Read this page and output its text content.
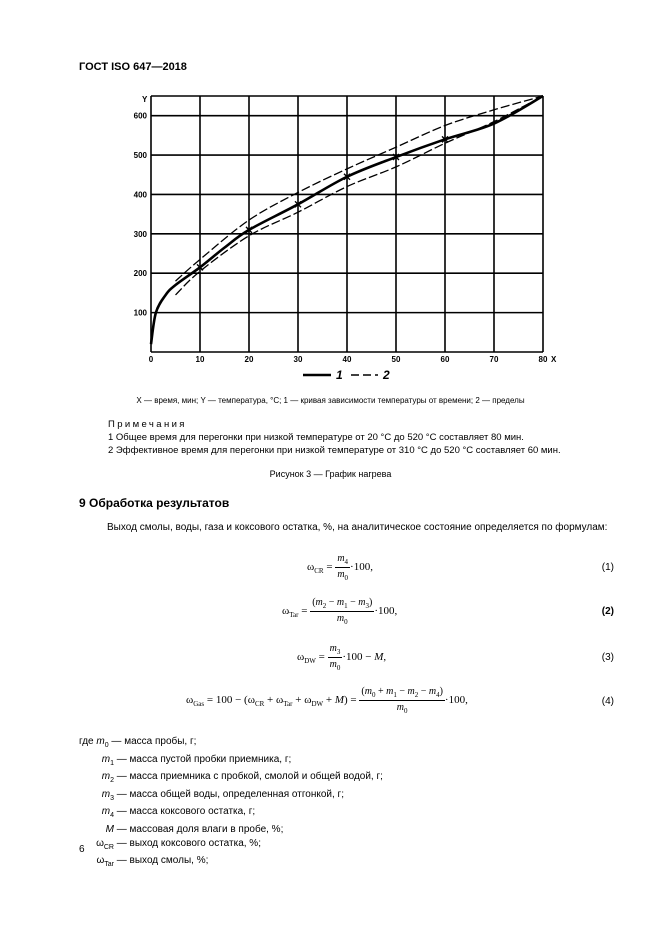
ГОСТ ISO 647—2018
0	10	20	30	40	50	60	70	80
100
200
300
400
500
600
Y
X
1	2
X — время, мин; Y — температура, °С; 1 — кривая зависимости температуры от времени; 2 — пределы
Примечания
1 Общее время для перегонки при низкой температуре от 20 °С до 520 °С составляет 80 мин.
2 Эффективное время для перегонки при низкой температуре от 310 °С до 520 °С составляет 60 мин.
Рисунок 3 — График нагрева
9 Обработка результатов
Выход смолы, воды, газа и коксового остатка, %, на аналитическое состояние определяется по формулам:
$\omega_{CR} = \frac{m_4}{m_0} \cdot 100$,	(1)
$\omega_{Tar} = \frac{(m_2 - m_1 - m_3)}{m_0} \cdot 100$,	(2)
$\omega_{DW} = \frac{m_3}{m_0} \cdot 100 - M$,	(3)
$\omega_{Gas} = 100 - (\omega_{CR} + \omega_{Tar} + \omega_{DW} + M) = \frac{(m_0 + m_1 - m_2 - m_4)}{m_0} \cdot 100$,	(4)
где $m_0$ — масса пробы, г;
$m_1$ — масса пустой пробки приемника, г;
$m_2$ — масса приемника с пробкой, смолой и общей водой, г;
$m_3$ — масса общей воды, определенная отгонкой, г;
$m_4$ — масса коксового остатка, г;
M — массовая доля влаги в пробе, %;
$\omega_{CR}$ — выход коксового остатка, %;
$\omega_{Tar}$ — выход смолы, %;
6
